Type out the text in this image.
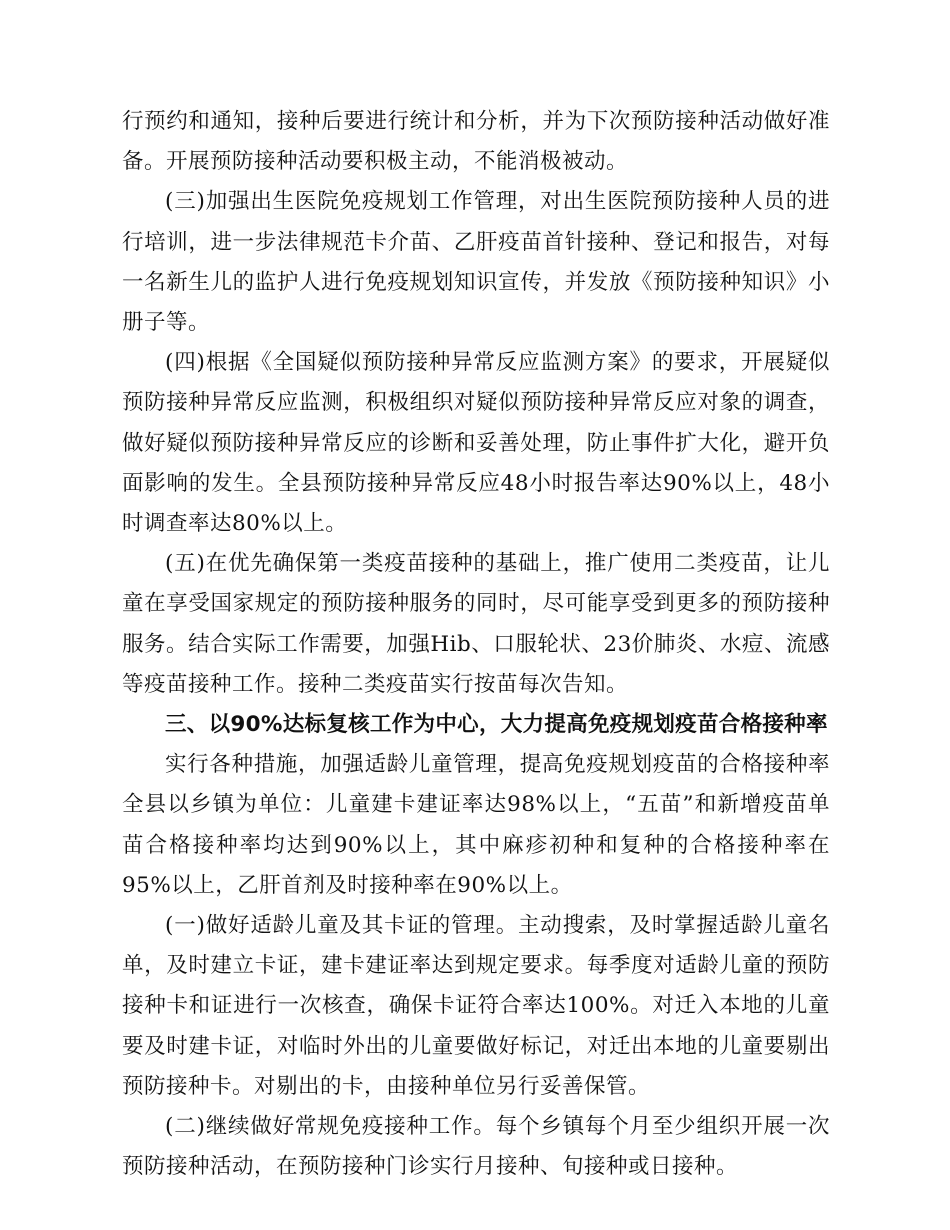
行预约和通知，接种后要进行统计和分析，并为下次预防接种活动做好准备。开展预防接种活动要积极主动，不能消极被动。

(三)加强出生医院免疫规划工作管理，对出生医院预防接种人员的进行培训，进一步法律规范卡介苗、乙肝疫苗首针接种、登记和报告，对每一名新生儿的监护人进行免疫规划知识宣传，并发放《预防接种知识》小册子等。

(四)根据《全国疑似预防接种异常反应监测方案》的要求，开展疑似预防接种异常反应监测，积极组织对疑似预防接种异常反应对象的调查，做好疑似预防接种异常反应的诊断和妥善处理，防止事件扩大化，避开负面影响的发生。全县预防接种异常反应48小时报告率达90%以上，48小时调查率达80%以上。

(五)在优先确保第一类疫苗接种的基础上，推广使用二类疫苗，让儿童在享受国家规定的预防接种服务的同时，尽可能享受到更多的预防接种服务。结合实际工作需要，加强Hib、口服轮状、23价肺炎、水痘、流感等疫苗接种工作。接种二类疫苗实行按苗每次告知。

三、以90%达标复核工作为中心，大力提高免疫规划疫苗合格接种率

实行各种措施，加强适龄儿童管理，提高免疫规划疫苗的合格接种率全县以乡镇为单位：儿童建卡建证率达98%以上，“五苗”和新增疫苗单苗合格接种率均达到90%以上，其中麻疹初种和复种的合格接种率在95%以上，乙肝首剂及时接种率在90%以上。

(一)做好适龄儿童及其卡证的管理。主动搜索，及时掌握适龄儿童名单，及时建立卡证，建卡建证率达到规定要求。每季度对适龄儿童的预防接种卡和证进行一次核查，确保卡证符合率达100%。对迁入本地的儿童要及时建卡证，对临时外出的儿童要做好标记，对迁出本地的儿童要剔出预防接种卡。对剔出的卡，由接种单位另行妥善保管。

(二)继续做好常规免疫接种工作。每个乡镇每个月至少组织开展一次预防接种活动，在预防接种门诊实行月接种、旬接种或日接种。
